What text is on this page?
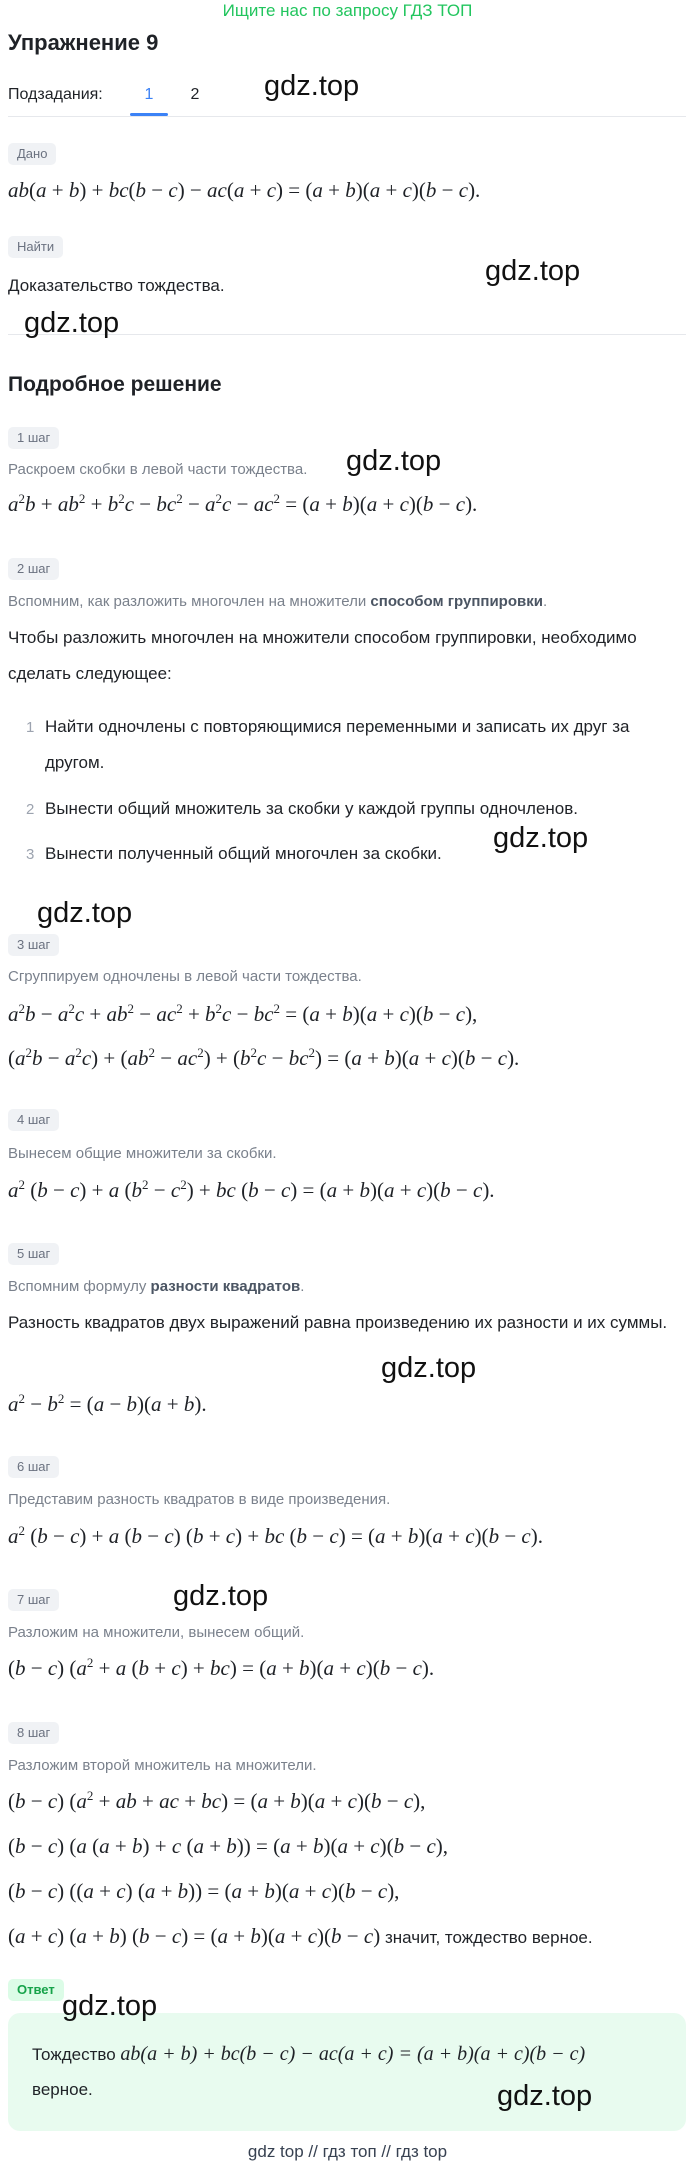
Ищите нас по запросу ГДЗ ТОП
Упражнение 9
Подзадания:	1	2
Дано
ab(a + b) + bc(b − c) − ac(a + c) = (a + b)(a + c)(b − c).
Найти
Доказательство тождества.
Подробное решение
1 шаг
Раскроем скобки в левой части тождества.
$a^2b + ab^2 + b^2c - bc^2 - a^2c - ac^2 = (a + b)(a + c)(b - c)$.
2 шаг
Вспомним, как разложить многочлен на множители способом группировки.
Чтобы разложить многочлен на множители способом группировки, необходимо сделать следующее:
1 Найти одночлены с повторяющимися переменными и записать их друг за другом.
2 Вынести общий множитель за скобки у каждой группы одночленов.
3 Вынести полученный общий многочлен за скобки.
3 шаг
Сгруппируем одночлены в левой части тождества.
$a^2b - a^2c + ab^2 - ac^2 + b^2c - bc^2 = (a + b)(a + c)(b - c)$,
$(a^2b - a^2c) + (ab^2 - ac^2) + (b^2c - bc^2) = (a + b)(a + c)(b - c)$.
4 шаг
Вынесем общие множители за скобки.
$a^2$ (b − c) + a $(b^2 - c^2)$ + bc (b − c) = (a + b)(a + c)(b − c).
5 шаг
Вспомним формулу разности квадратов.
Разность квадратов двух выражений равна произведению их разности и их суммы.
$a^2 - b^2 = (a - b)(a + b)$.
6 шаг
Представим разность квадратов в виде произведения.
$a^2$ (b − c) + a (b − c) (b + c) + bc (b − c) = (a + b)(a + c)(b − c).
7 шаг
Разложим на множители, вынесем общий.
(b − c) ($a^2 + a$ (b + c) + bc) = (a + b)(a + c)(b − c).
8 шаг
Разложим второй множитель на множители.
(b − c) ($a^2$ + ab + ac + bc) = (a + b)(a + c)(b − c),
(b − c) (a (a + b) + c (a + b)) = (a + b)(a + c)(b − c),
(b − c) ((a + c) (a + b)) = (a + b)(a + c)(b − c),
(a + c) (a + b) (b − c) = (a + b)(a + c)(b − c) значит, тождество верное.
Ответ
Тождество ab(a + b) + bc(b − c) − ac(a + c) = (a + b)(a + c)(b − c)
верное.
gdz.top
gdz.top
gdz.top
gdz.top
gdz.top
gdz.top
gdz.top
gdz.top
gdz.top
gdz.top
gdz top // гдз топ // гдз top
